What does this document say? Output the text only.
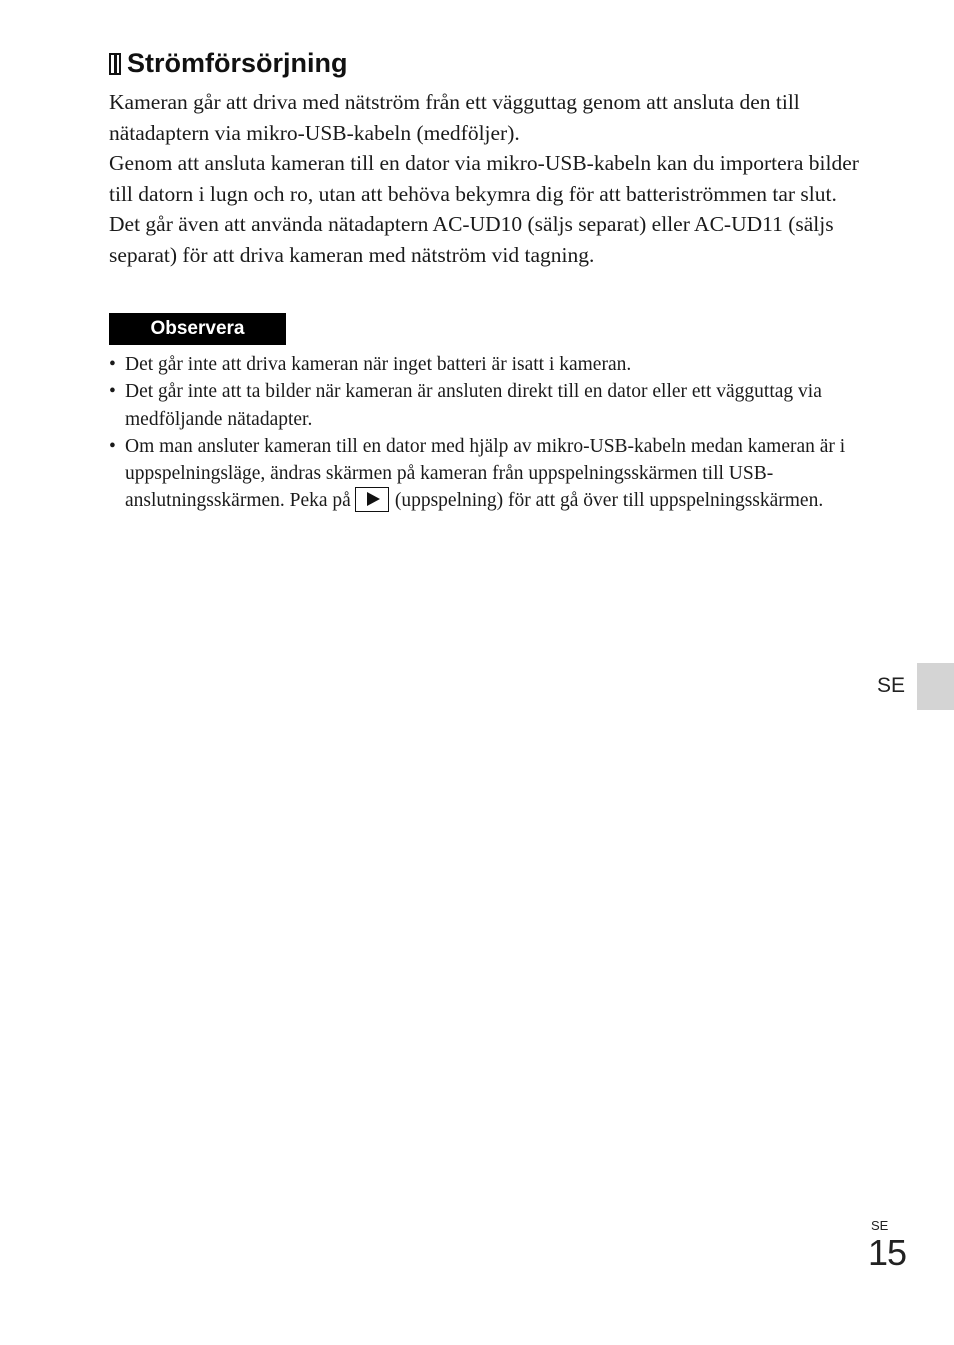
Strömförsörjning

Kameran går att driva med nätström från ett vägguttag genom att ansluta den till nätadaptern via mikro-USB-kabeln (medföljer).

Genom att ansluta kameran till en dator via mikro-USB-kabeln kan du importera bilder till datorn i lugn och ro, utan att behöva bekymra dig för att batteriströmmen tar slut.

Det går även att använda nätadaptern AC-UD10 (säljs separat) eller AC-UD11 (säljs separat) för att driva kameran med nätström vid tagning.

Observera
• Det går inte att driva kameran när inget batteri är isatt i kameran.
• Det går inte att ta bilder när kameran är ansluten direkt till en dator eller ett vägguttag via medföljande nätadapter.
• Om man ansluter kameran till en dator med hjälp av mikro-USB-kabeln medan kameran är i uppspelningsläge, ändras skärmen på kameran från uppspelningsskärmen till USB-anslutningsskärmen. Peka på (uppspelning) för att gå över till uppspelningsskärmen.
SE
SE
15
